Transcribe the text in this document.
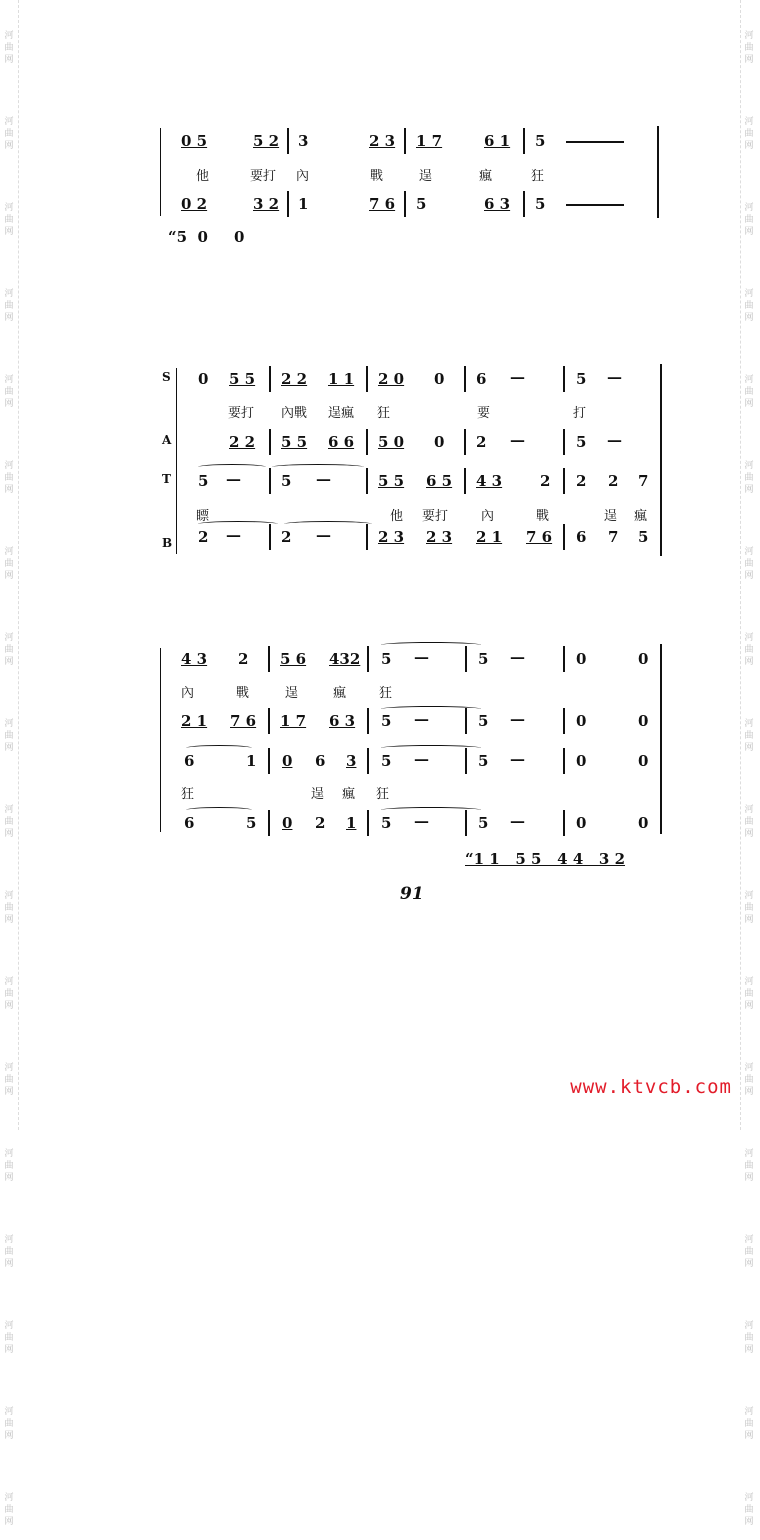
河
曲
网

河
曲
网

河
曲
网

河
曲
网

河
曲
网

河
曲
网

河
曲
网

河
曲
网

河
曲
网

河
曲
网

河
曲
网

河
曲
网

河
曲
网

河
曲
网

河
曲
网

河
曲
网

河
曲
网

河
曲
网

河
曲
网

河
曲
网

河
曲
网

河
曲
网

河
曲
网

河
曲
网

河
曲
网

河
曲
网

河
曲
网

河
曲
网

河
曲
网

河
曲
网

河
曲
网

河
曲
网

河
曲
网

河
曲
网

河
曲
网

河
曲
网

0 5	5 2 3	2 3 1 7	6 1 5
他	要打 內	戰	逞	瘋	狂
0 2	3 2 1	7 6 5	6 3 5
“5  0     0
S
A
T
B
0 5 5 2 2 1 1 2 0 0 6 —	5 —
要打 內戰 逞瘋 狂	要	打
2 2 5 5 6 6 5 0 0 2 —	5 —
5 —	5 —	5 5 6 5 4 3	2 2 2 7
瞟	他 要打	內	戰	逞 瘋
2 —	2 —	2 3 2 3 2 1 7 6 6 7 5
4 3 2 5 6 432 5 —	5 —	0	0
內	戰	逞	瘋	狂
2 1 7 6 1 7 6 3 5 —	5 —	0	0
6	1 0 6 3 5 —	5 —	0	0
狂	逞 瘋 狂
6	5 0 2 1 5 —	5 —	0	0
“1 1   5 5   4 4   3 2
91
www.ktvcb.com
